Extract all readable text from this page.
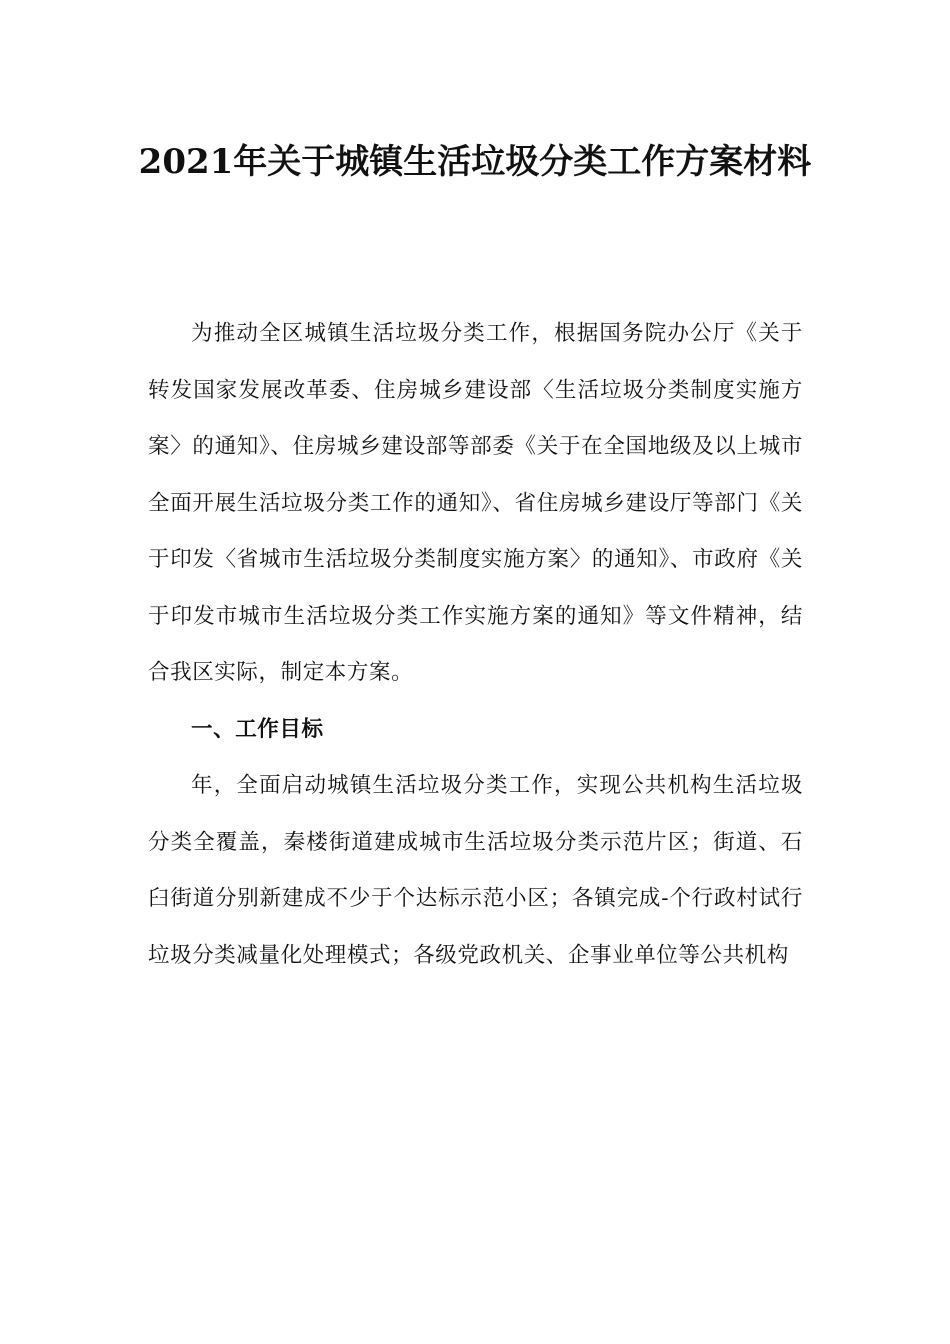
2021年关于城镇生活垃圾分类工作方案材料

为推动全区城镇生活垃圾分类工作，根据国务院办公厅《关于转发国家发展改革委、住房城乡建设部〈生活垃圾分类制度实施方案〉的通知》、住房城乡建设部等部委《关于在全国地级及以上城市全面开展生活垃圾分类工作的通知》、省住房城乡建设厅等部门《关于印发〈省城市生活垃圾分类制度实施方案〉的通知》、市政府《关于印发市城市生活垃圾分类工作实施方案的通知》等文件精神，结合我区实际，制定本方案。

一、工作目标

年，全面启动城镇生活垃圾分类工作，实现公共机构生活垃圾分类全覆盖，秦楼街道建成城市生活垃圾分类示范片区；街道、石臼街道分别新建成不少于个达标示范小区；各镇完成-个行政村试行垃圾分类减量化处理模式；各级党政机关、企事业单位等公共机构
